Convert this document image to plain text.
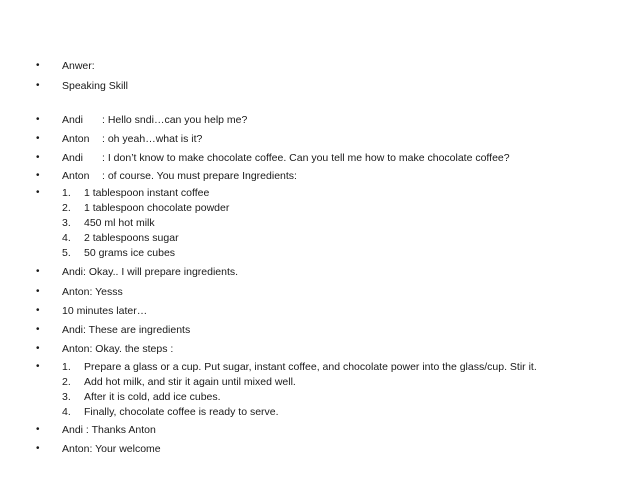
•	Anwer:
•	Speaking Skill
•	Andi : Hello sndi…can you help me?
•	Anton : oh yeah…what is it?
•	Andi : I don’t know to make chocolate coffee. Can you tell me how to make chocolate coffee?
•	Anton : of course. You must prepare Ingredients:
•	1.	1 tablespoon instant coffee
2.	1 tablespoon chocolate powder
3.	450 ml hot milk
4.	2 tablespoons sugar
5.	50 grams ice cubes
•	Andi: Okay.. I will prepare ingredients.
•	Anton: Yesss
•	10 minutes later…
•	Andi: These are ingredients
•	Anton: Okay. the steps :
•	1.	Prepare a glass or a cup. Put sugar, instant coffee, and chocolate power into the glass/cup. Stir it.
2.	Add hot milk, and stir it again until mixed well.
3.	After it is cold, add ice cubes.
4.	Finally, chocolate coffee is ready to serve.
•	Andi : Thanks Anton
•	Anton: Your welcome
